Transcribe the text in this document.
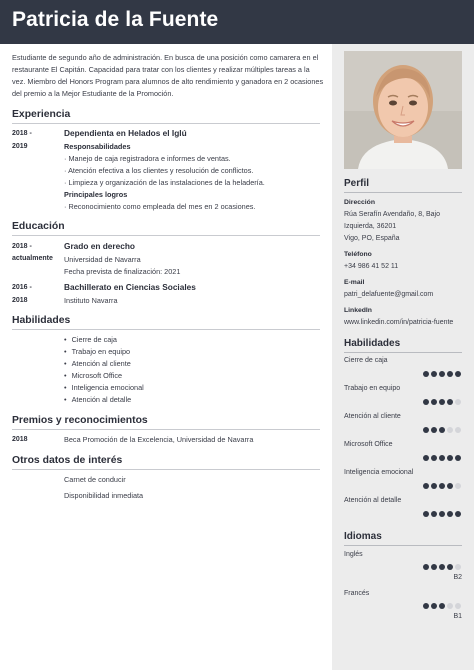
Patricia de la Fuente

Estudiante de segundo año de administración. En busca de una posición como camarera en el restaurante El Capitán. Capacidad para tratar con los clientes y realizar múltiples tareas a la vez. Miembro del Honors Program para alumnos de alto rendimiento y ganadora en 2 ocasiones del premio a la Mejor Estudiante de la Promoción.

Experiencia
2018 -
2019
Dependienta en Helados el Iglú
Responsabilidades
· Manejo de caja registradora e informes de ventas.
· Atención efectiva a los clientes y resolución de conflictos.
· Limpieza y organización de las instalaciones de la heladería.
Principales logros
· Reconocimiento como empleada del mes en 2 ocasiones.
Educación
2018 -
actualmente
Grado en derecho
Universidad de Navarra
Fecha prevista de finalización: 2021
2016 -
2018
Bachillerato en Ciencias Sociales
Instituto Navarra
Habilidades
• Cierre de caja
• Trabajo en equipo
• Atención al cliente
• Microsoft Office
• Inteligencia emocional
• Atención al detalle
Premios y reconocimientos
2018	Beca Promoción de la Excelencia, Universidad de Navarra
Otros datos de interés
Carnet de conducir
Disponibilidad inmediata
Perfil
Dirección
Rúa Serafín Avendaño, 8, Bajo
Izquierda, 36201
Vigo, PO, España
Teléfono
+34 986 41 52 11
E-mail
patri_delafuente@gmail.com
LinkedIn
www.linkedin.com/in/patricia-fuente
Habilidades
Cierre de caja
Trabajo en equipo
Atención al cliente
Microsoft Office
Inteligencia emocional
Atención al detalle
Idiomas
Inglés
B2
Francés
B1
